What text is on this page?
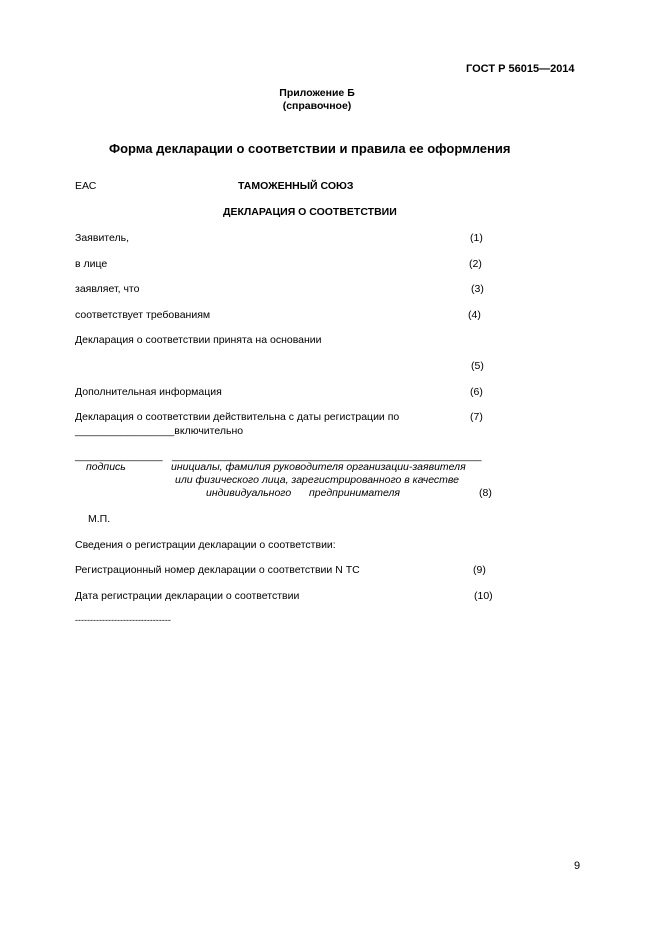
ГОСТ Р 56015—2014
Приложение Б
(справочное)
Форма декларации о соответствии и правила ее оформления
ЕАС	ТАМОЖЕННЫЙ СОЮЗ
ДЕКЛАРАЦИЯ О СООТВЕТСТВИИ
Заявитель,	(1)
в лице	(2)
заявляет, что	(3)
соответствует требованиям	(4)
Декларация о соответствии принята на основании
(5)
Дополнительная информация	(6)
Декларация о соответствии действительна с даты регистрации по	(7)
_________________включительно
_______________ _____________________________________________________
подпись	инициалы, фамилия руководителя организации-заявителя
или физического лица, зарегистрированного в качестве
индивидуального предпринимателя	(8)
М.П.
Сведения о регистрации декларации о соответствии:
Регистрационный номер декларации о соответствии N ТС	(9)
Дата регистрации декларации о соответствии	(10)
--------------------------------
9
